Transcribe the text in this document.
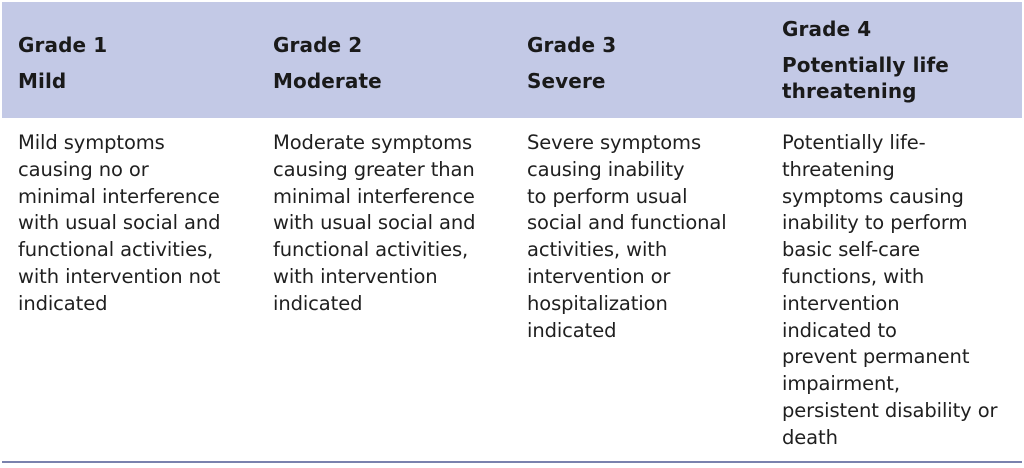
Grade 1
Mild
Grade 2
Moderate
Grade 3
Severe
Grade 4
Potentially life threatening
Mild symptoms
causing no or
minimal interference
with usual social and
functional activities,
with intervention not
indicated
Moderate symptoms
causing greater than
minimal interference
with usual social and
functional activities,
with intervention
indicated
Severe symptoms
causing inability
to perform usual
social and functional
activities, with
intervention or
hospitalization
indicated
Potentially life-
threatening
symptoms causing
inability to perform
basic self-care
functions, with
intervention
indicated to
prevent permanent
impairment,
persistent disability or
death
